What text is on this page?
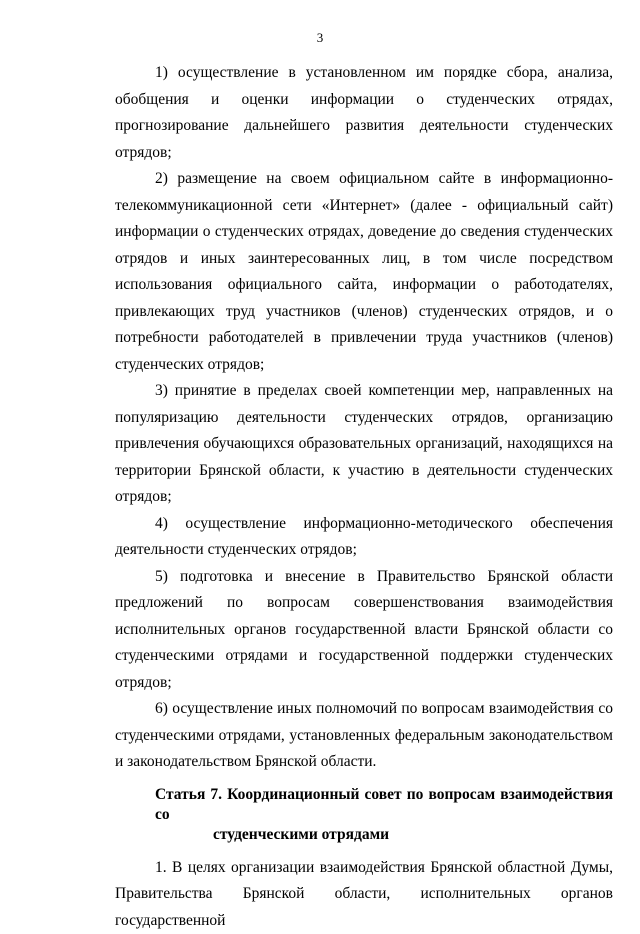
3

1) осуществление в установленном им порядке сбора, анализа, обобщения и оценки информации о студенческих отрядах, прогнозирование дальнейшего развития деятельности студенческих отрядов;

2) размещение на своем официальном сайте в информационно-телекоммуникационной сети «Интернет» (далее - официальный сайт) информации о студенческих отрядах, доведение до сведения студенческих отрядов и иных заинтересованных лиц, в том числе посредством использования официального сайта, информации о работодателях, привлекающих труд участников (членов) студенческих отрядов, и о потребности работодателей в привлечении труда участников (членов) студенческих отрядов;

3) принятие в пределах своей компетенции мер, направленных на популяризацию деятельности студенческих отрядов, организацию привлечения обучающихся образовательных организаций, находящихся на территории Брянской области, к участию в деятельности студенческих отрядов;

4) осуществление информационно-методического обеспечения деятельности студенческих отрядов;

5) подготовка и внесение в Правительство Брянской области предложений по вопросам совершенствования взаимодействия исполнительных органов государственной власти Брянской области со студенческими отрядами и государственной поддержки студенческих отрядов;

6) осуществление иных полномочий по вопросам взаимодействия со студенческими отрядами, установленных федеральным законодательством и законодательством Брянской области.

Статья 7. Координационный совет по вопросам взаимодействия со
студенческими отрядами

1. В целях организации взаимодействия Брянской областной Думы, Правительства Брянской области, исполнительных органов государственной
